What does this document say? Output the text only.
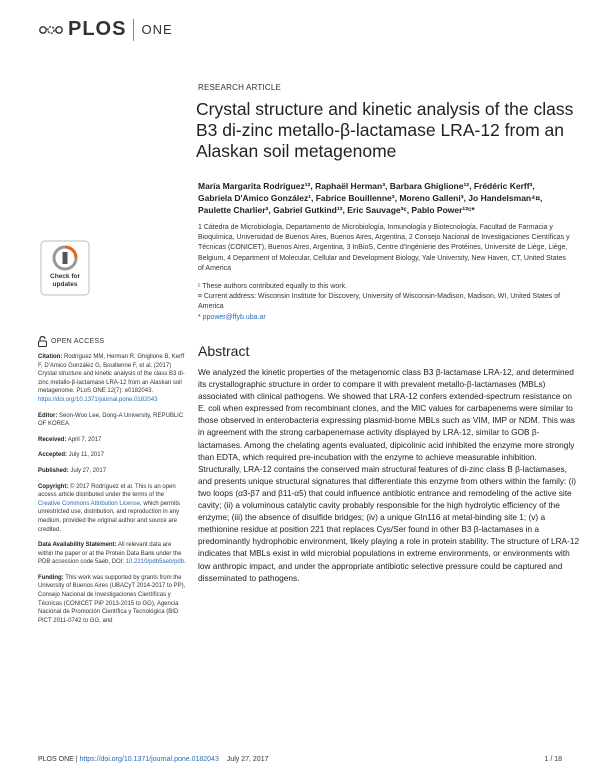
PLOS ONE
RESEARCH ARTICLE
Crystal structure and kinetic analysis of the class B3 di-zinc metallo-β-lactamase LRA-12 from an Alaskan soil metagenome
María Margarita Rodríguez¹², Raphaël Herman³, Barbara Ghiglione¹², Frédéric Kerff³, Gabriela D'Amico González¹, Fabrice Bouillenne³, Moreno Galleni³, Jo Handelsman⁴¤, Paulette Charlier³, Gabriel Gutkind¹², Eric Sauvage³ᶜ, Pablo Power¹²ᶜ*
1 Cátedra de Microbiología, Departamento de Microbiología, Inmunología y Biotecnología, Facultad de Farmacia y Bioquímica, Universidad de Buenos Aires, Buenos Aires, Argentina, 2 Consejo Nacional de Investigaciones Científicas y Técnicas (CONICET), Buenos Aires, Argentina, 3 InBioS, Centre d'Ingénierie des Protéines, Université de Liège, Liège, Belgium, 4 Department of Molecular, Cellular and Development Biology, Yale University, New Haven, CT, United States of America
ᶜ These authors contributed equally to this work.
¤ Current address: Wisconsin Institute for Discovery, University of Wisconsin-Madison, Madison, WI, United States of America
* ppower@ffyb.uba.ar
Abstract
We analyzed the kinetic properties of the metagenomic class B3 β-lactamase LRA-12, and determined its crystallographic structure in order to compare it with prevalent metallo-β-lactamases (MBLs) associated with clinical pathogens. We showed that LRA-12 confers extended-spectrum resistance on E. coli when expressed from recombinant clones, and the MIC values for carbapenems were similar to those observed in enterobacteria expressing plasmid-borne MBLs such as VIM, IMP or NDM. This was in agreement with the strong carbapenemase activity displayed by LRA-12, similar to GOB β-lactamases. Among the chelating agents evaluated, dipicolinic acid inhibited the enzyme more strongly than EDTA, which required pre-incubation with the enzyme to achieve measurable inhibition. Structurally, LRA-12 contains the conserved main structural features of di-zinc class B β-lactamases, and presents unique structural signatures that differentiate this enzyme from others within the family: (i) two loops (α3-β7 and β11-α5) that could influence antibiotic entrance and remodeling of the active site cavity; (ii) a voluminous catalytic cavity probably responsible for the high hydrolytic efficiency of the enzyme; (iii) the absence of disulfide bridges; (iv) a unique Gln116 at metal-binding site 1; (v) a methionine residue at position 221 that replaces Cys/Ser found in other B3 β-lactamases in a predominantly hydrophobic environment, likely playing a role in protein stability. The structure of LRA-12 indicates that MBLs exist in wild microbial populations in extreme environments, or environments with low anthropic impact, and under the appropriate antibiotic selective pressure could be captured and disseminated to pathogens.
Check for
updates
OPEN ACCESS

Citation: Rodríguez MM, Herman R, Ghiglione B, Kerff F, D'Amico González G, Bouillenne F, et al. (2017) Crystal structure and kinetic analysis of the class B3 di-zinc metallo-β-lactamase LRA-12 from an Alaskan soil metagenome. PLoS ONE 12(7): e0182043. https://doi.org/10.1371/journal.pone.0182043

Editor: Seon-Woo Lee, Dong-A University, REPUBLIC OF KOREA

Received: April 7, 2017

Accepted: July 11, 2017

Published: July 27, 2017

Copyright: © 2017 Rodríguez et al. This is an open access article distributed under the terms of the Creative Commons Attribution License, which permits unrestricted use, distribution, and reproduction in any medium, provided the original author and source are credited.

Data Availability Statement: All relevant data are within the paper or at the Protein Data Bank under the PDB accession code 5aeb, DOI: 10.2210/pdb5aeb/pdb.

Funding: This work was supported by grants from the University of Buenos Aires (UBACyT 2014-2017 to PP), Consejo Nacional de Investigaciones Científicas y Técnicas (CONICET PIP 2013-2015 to GG), Agencia Nacional de Promoción Científica y Tecnológica (BID PICT 2011-0742 to GG, and

PLOS ONE | https://doi.org/10.1371/journal.pone.0182043 July 27, 2017	1 / 18
